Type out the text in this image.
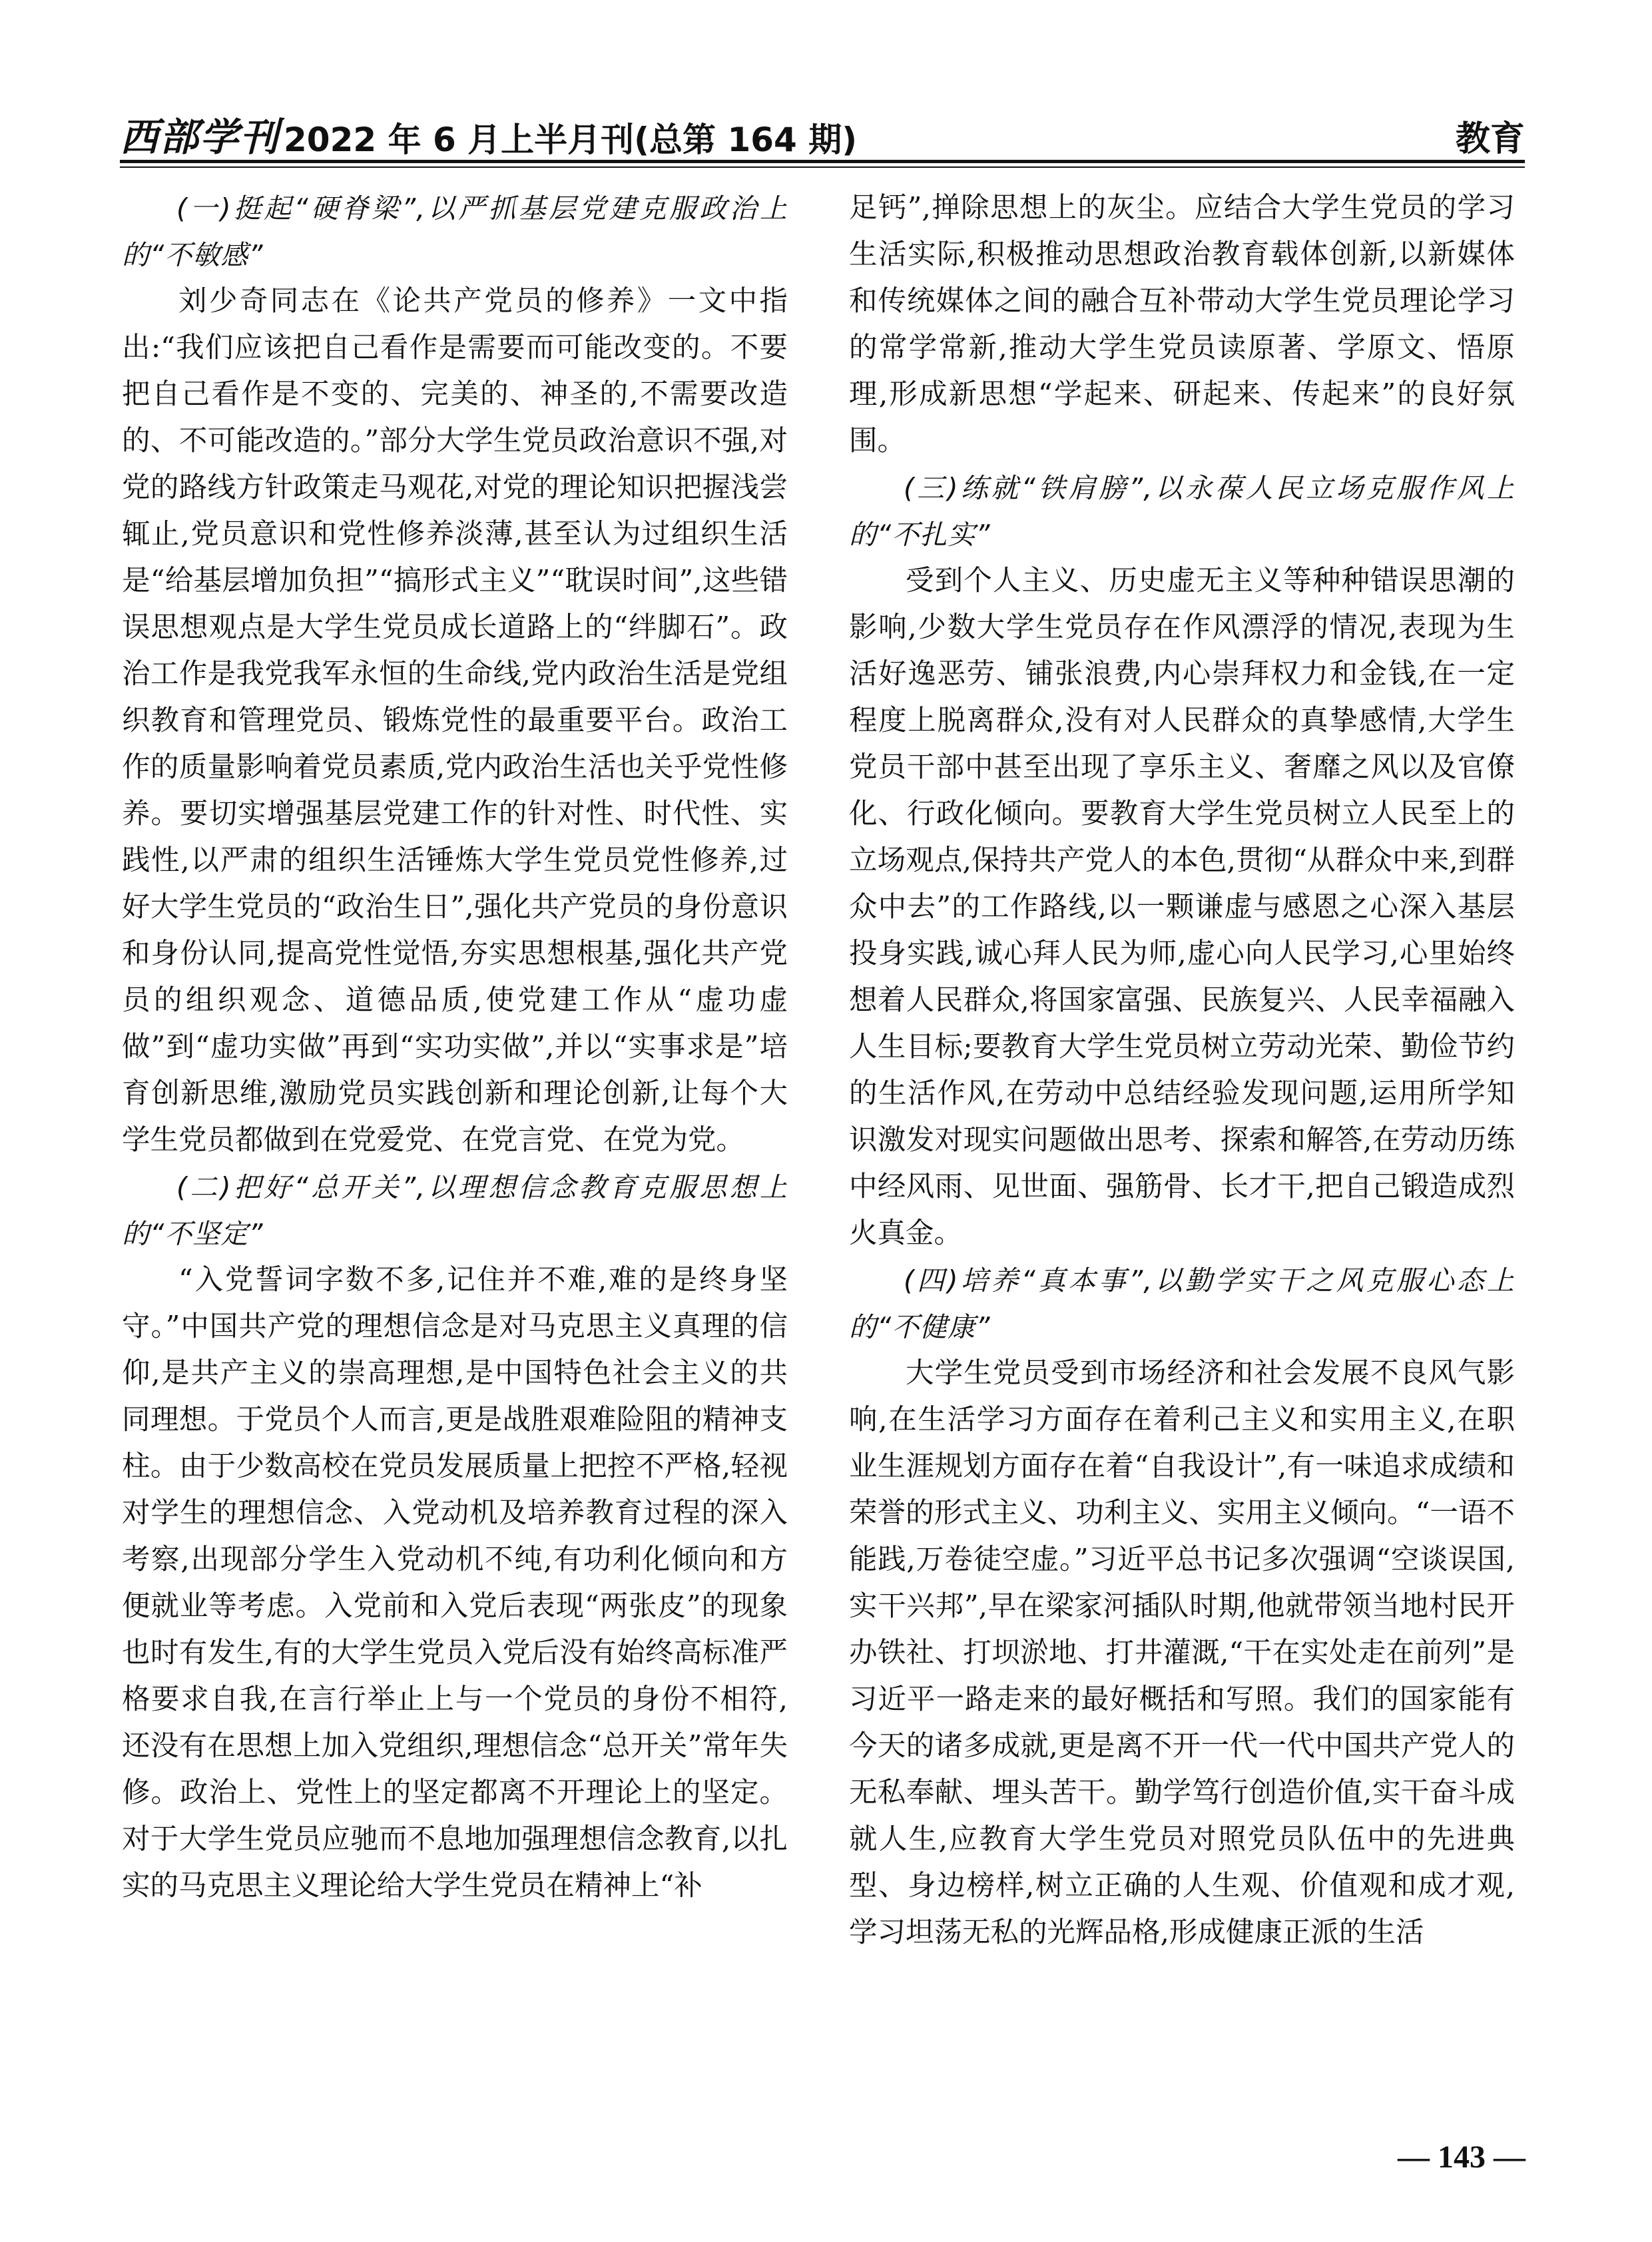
西部学刊 2022 年 6 月上半月刊(总第 164 期)	教育
(一)挺起“硬脊梁”,以严抓基层党建克服政治上的“不敏感”

刘少奇同志在《论共产党员的修养》一文中指出:“我们应该把自己看作是需要而可能改变的。不要把自己看作是不变的、完美的、神圣的,不需要改造的、不可能改造的。”部分大学生党员政治意识不强,对党的路线方针政策走马观花,对党的理论知识把握浅尝辄止,党员意识和党性修养淡薄,甚至认为过组织生活是“给基层增加负担”“搞形式主义”“耽误时间”,这些错误思想观点是大学生党员成长道路上的“绊脚石”。政治工作是我党我军永恒的生命线,党内政治生活是党组织教育和管理党员、锻炼党性的最重要平台。政治工作的质量影响着党员素质,党内政治生活也关乎党性修养。要切实增强基层党建工作的针对性、时代性、实践性,以严肃的组织生活锤炼大学生党员党性修养,过好大学生党员的“政治生日”,强化共产党员的身份意识和身份认同,提高党性觉悟,夯实思想根基,强化共产党员的组织观念、道德品质,使党建工作从“虚功虚做”到“虚功实做”再到“实功实做”,并以“实事求是”培育创新思维,激励党员实践创新和理论创新,让每个大学生党员都做到在党爱党、在党言党、在党为党。

(二)把好“总开关”,以理想信念教育克服思想上的“不坚定”

“入党誓词字数不多,记住并不难,难的是终身坚守。”中国共产党的理想信念是对马克思主义真理的信仰,是共产主义的崇高理想,是中国特色社会主义的共同理想。于党员个人而言,更是战胜艰难险阻的精神支柱。由于少数高校在党员发展质量上把控不严格,轻视对学生的理想信念、入党动机及培养教育过程的深入考察,出现部分学生入党动机不纯,有功利化倾向和方便就业等考虑。入党前和入党后表现“两张皮”的现象也时有发生,有的大学生党员入党后没有始终高标准严格要求自我,在言行举止上与一个党员的身份不相符,还没有在思想上加入党组织,理想信念“总开关”常年失修。政治上、党性上的坚定都离不开理论上的坚定。对于大学生党员应驰而不息地加强理想信念教育,以扎实的马克思主义理论给大学生党员在精神上“补

足钙”,掸除思想上的灰尘。应结合大学生党员的学习生活实际,积极推动思想政治教育载体创新,以新媒体和传统媒体之间的融合互补带动大学生党员理论学习的常学常新,推动大学生党员读原著、学原文、悟原理,形成新思想“学起来、研起来、传起来”的良好氛围。

(三)练就“铁肩膀”,以永葆人民立场克服作风上的“不扎实”

受到个人主义、历史虚无主义等种种错误思潮的影响,少数大学生党员存在作风漂浮的情况,表现为生活好逸恶劳、铺张浪费,内心崇拜权力和金钱,在一定程度上脱离群众,没有对人民群众的真挚感情,大学生党员干部中甚至出现了享乐主义、奢靡之风以及官僚化、行政化倾向。要教育大学生党员树立人民至上的立场观点,保持共产党人的本色,贯彻“从群众中来,到群众中去”的工作路线,以一颗谦虚与感恩之心深入基层投身实践,诚心拜人民为师,虚心向人民学习,心里始终想着人民群众,将国家富强、民族复兴、人民幸福融入人生目标;要教育大学生党员树立劳动光荣、勤俭节约的生活作风,在劳动中总结经验发现问题,运用所学知识激发对现实问题做出思考、探索和解答,在劳动历练中经风雨、见世面、强筋骨、长才干,把自己锻造成烈火真金。

(四)培养“真本事”,以勤学实干之风克服心态上的“不健康”

大学生党员受到市场经济和社会发展不良风气影响,在生活学习方面存在着利己主义和实用主义,在职业生涯规划方面存在着“自我设计”,有一味追求成绩和荣誉的形式主义、功利主义、实用主义倾向。“一语不能践,万卷徒空虚。”习近平总书记多次强调“空谈误国,实干兴邦”,早在梁家河插队时期,他就带领当地村民开办铁社、打坝淤地、打井灌溉,“干在实处走在前列”是习近平一路走来的最好概括和写照。我们的国家能有今天的诸多成就,更是离不开一代一代中国共产党人的无私奉献、埋头苦干。勤学笃行创造价值,实干奋斗成就人生,应教育大学生党员对照党员队伍中的先进典型、身边榜样,树立正确的人生观、价值观和成才观,学习坦荡无私的光辉品格,形成健康正派的生活

— 143 —
